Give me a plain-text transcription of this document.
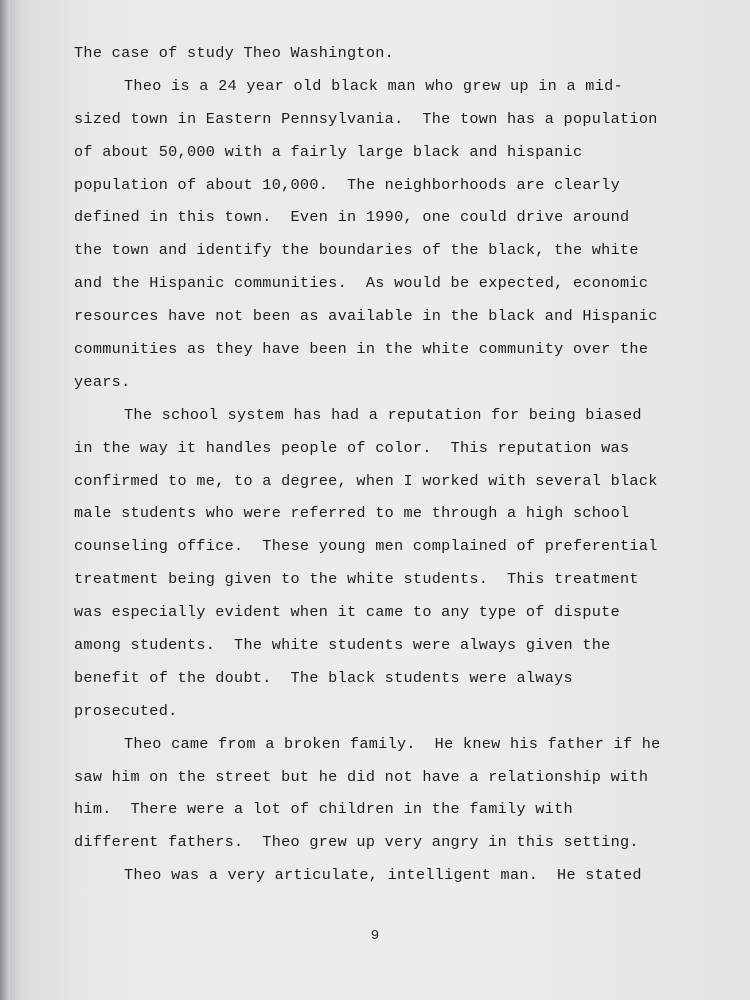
The case of study Theo Washington.
Theo is a 24 year old black man who grew up in a mid-
sized town in Eastern Pennsylvania.  The town has a population
of about 50,000 with a fairly large black and hispanic
population of about 10,000.  The neighborhoods are clearly
defined in this town.  Even in 1990, one could drive around
the town and identify the boundaries of the black, the white
and the Hispanic communities.  As would be expected, economic
resources have not been as available in the black and Hispanic
communities as they have been in the white community over the
years.
The school system has had a reputation for being biased
in the way it handles people of color.  This reputation was
confirmed to me, to a degree, when I worked with several black
male students who were referred to me through a high school
counseling office.  These young men complained of preferential
treatment being given to the white students.  This treatment
was especially evident when it came to any type of dispute
among students.  The white students were always given the
benefit of the doubt.  The black students were always
prosecuted.
Theo came from a broken family.  He knew his father if he
saw him on the street but he did not have a relationship with
him.  There were a lot of children in the family with
different fathers.  Theo grew up very angry in this setting.
Theo was a very articulate, intelligent man.  He stated
9
